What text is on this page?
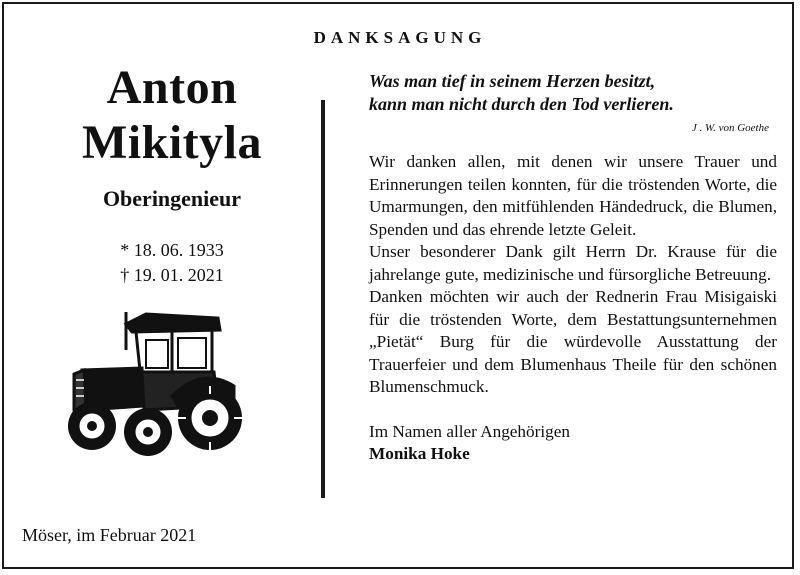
DANKSAGUNG
Anton
Mikityla
Oberingenieur
* 18. 06. 1933
† 19. 01. 2021
Möser, im Februar 2021
Was man tief in seinem Herzen besitzt,
kann man nicht durch den Tod verlieren.
J . W. von Goethe

Wir danken allen, mit denen wir unsere Trauer und Erinnerungen teilen konnten, für die tröstenden Worte, die Umarmungen, den mitfühlenden Händedruck, die Blumen, Spenden und das ehrende letzte Geleit.

Unser besonderer Dank gilt Herrn Dr. Krause für die jahrelange gute, medizinische und fürsorgliche Betreuung.

Danken möchten wir auch der Rednerin Frau Misigaiski für die tröstenden Worte, dem Bestattungsunternehmen „Pietät“ Burg für die würdevolle Ausstattung der Trauerfeier und dem Blumenhaus Theile für den schönen Blumenschmuck.

Im Namen aller Angehörigen
Monika Hoke
